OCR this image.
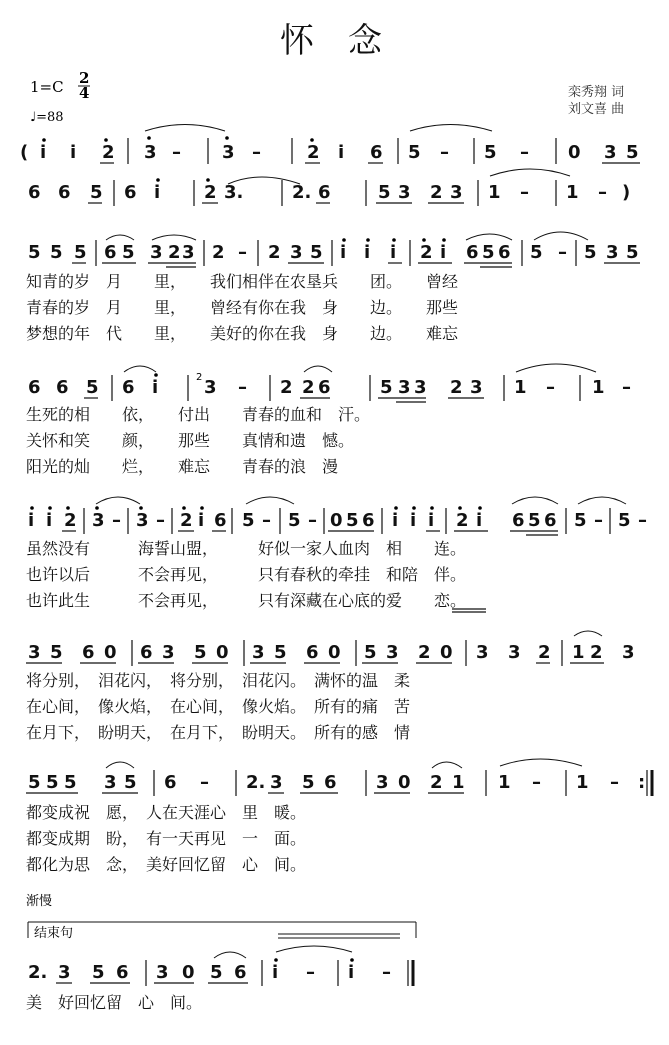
怀　念
1=C 2
4
♩=88
栾秀翔 词
刘文喜 曲
( i i 2 3 – 3 –	2 i 6 5 – 5 – 0 3 5
6 6 5 6 i 2 3.	2. 6	5 3 2 3 1 – 1 – )
5 5 5 6 5 3 2 3 2 – 2 3 5 i i i 2 i 6 5 6 5 – 5 3 5
知青的岁　月　　里，　　我们相伴在农垦兵　　团。　　曾经
青春的岁　月　　里，　　曾经有你在我　身　　边。　　那些
梦想的年　代　　里，　　美好的你在我　身　　边。　　难忘
6 6 5 6 i	2 3 – 2 2 6	5 3 3 2 3 1 – 1 –
生死的相　　依，　　付出　　青春的血和　汗。
关怀和笑　　颜，　　那些　　真情和遗　憾。
阳光的灿　　烂，　　难忘　　青春的浪　漫
i i 2 3 – 3 – 2 i 6 5 – 5 – 0 5 6 i i i 2 i 6 5 6 5 – 5 –
虽然没有　　　海誓山盟，　　　好似一家人血肉　相　　连。
也许以后　　　不会再见，　　　只有春秋的牵挂　和陪　伴。
也许此生　　　不会再见，　　　只有深藏在心底的爱　　恋。
3 5 6 0 6 3 5 0 3 5 6 0 5 3 2 0 3 3 2 1 2 3
将分别，　泪花闪，　将分别，　泪花闪。　满怀的温　柔
在心间，　像火焰，　在心间，　像火焰。　所有的痛　苦
在月下，　盼明天，　在月下，　盼明天。　所有的感　情
5 5 5 3 5 6 – 2. 3 5 6 3 0 2 1 1 – 1 – :
都变成祝　愿，　人在天涯心　里　暖。
都变成期　盼，　有一天再见　一　面。
都化为思　念，　美好回忆留　心　间。
渐慢
结束句
2. 3 5 6 3 0 5 6 i – i –
美　好回忆留　心　间。
